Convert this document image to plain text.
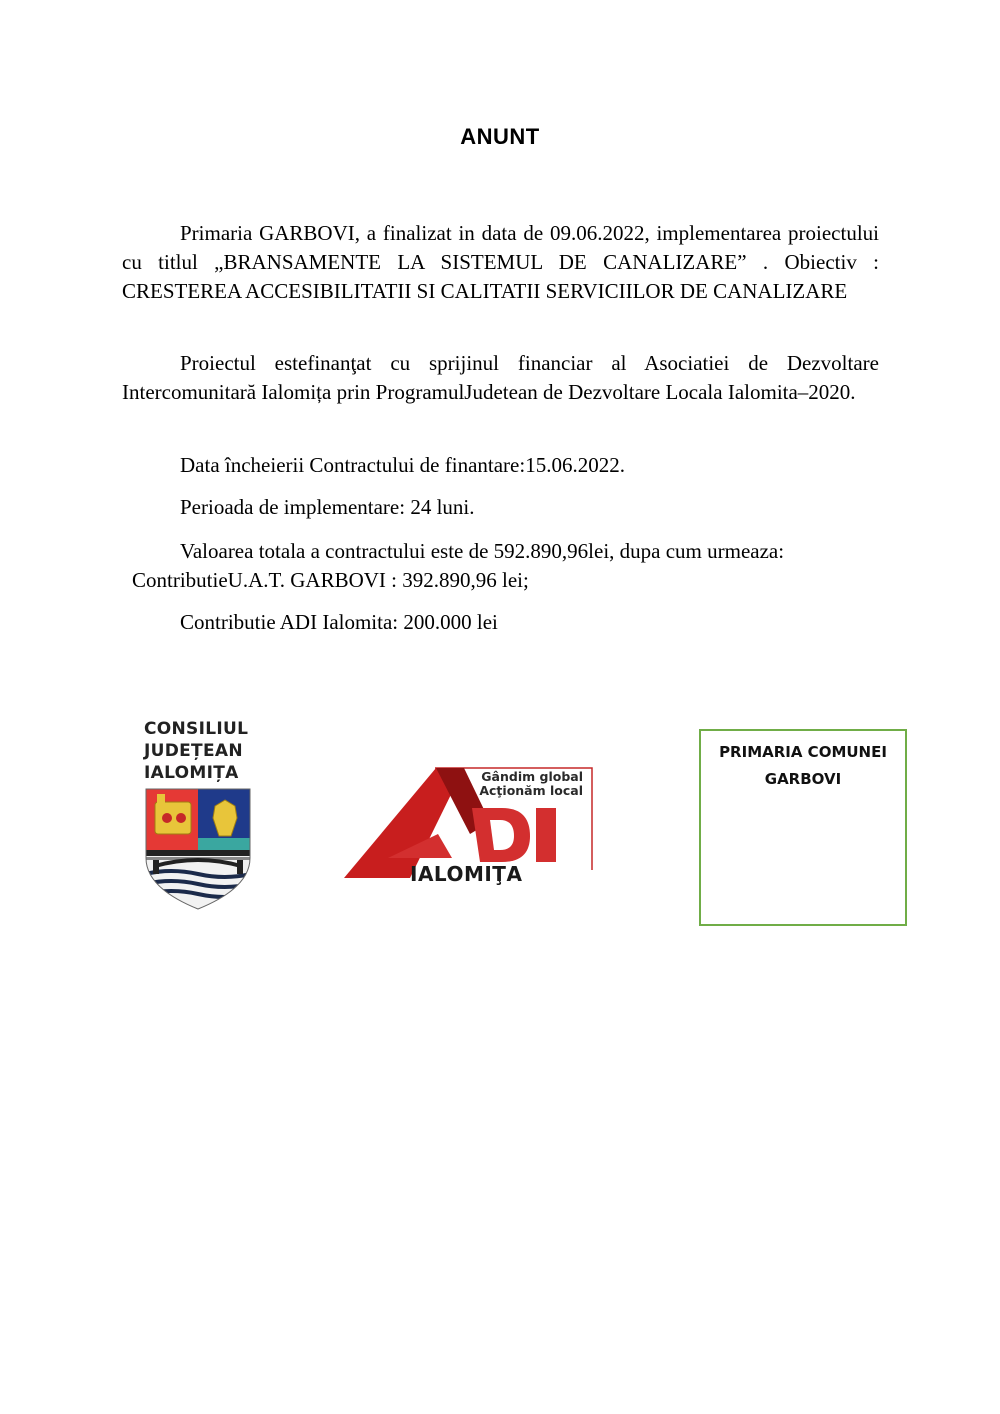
ANUNT

Primaria GARBOVI, a finalizat in data de 09.06.2022, implementarea proiectului cu titlul „BRANSAMENTE LA SISTEMUL DE CANALIZARE” . Obiectiv : CRESTEREA ACCESIBILITATII SI CALITATII SERVICIILOR DE CANALIZARE

Proiectul estefinanţat cu sprijinul financiar al Asociatiei de Dezvoltare Intercomunitară Ialomița prin ProgramulJudetean de Dezvoltare Locala Ialomita–2020.

Data încheierii Contractului de finantare:15.06.2022.

Perioada de implementare: 24 luni.

Valoarea totala a contractului este de 592.890,96lei, dupa cum urmeaza:

ContributieU.A.T. GARBOVI : 392.890,96 lei;

Contributie ADI Ialomita: 200.000 lei

CONSILIUL
JUDEȚEAN
IALOMIȚA	Gândim global
Acţionăm local
IALOMIŢA
PRIMARIA COMUNEI
GARBOVI
